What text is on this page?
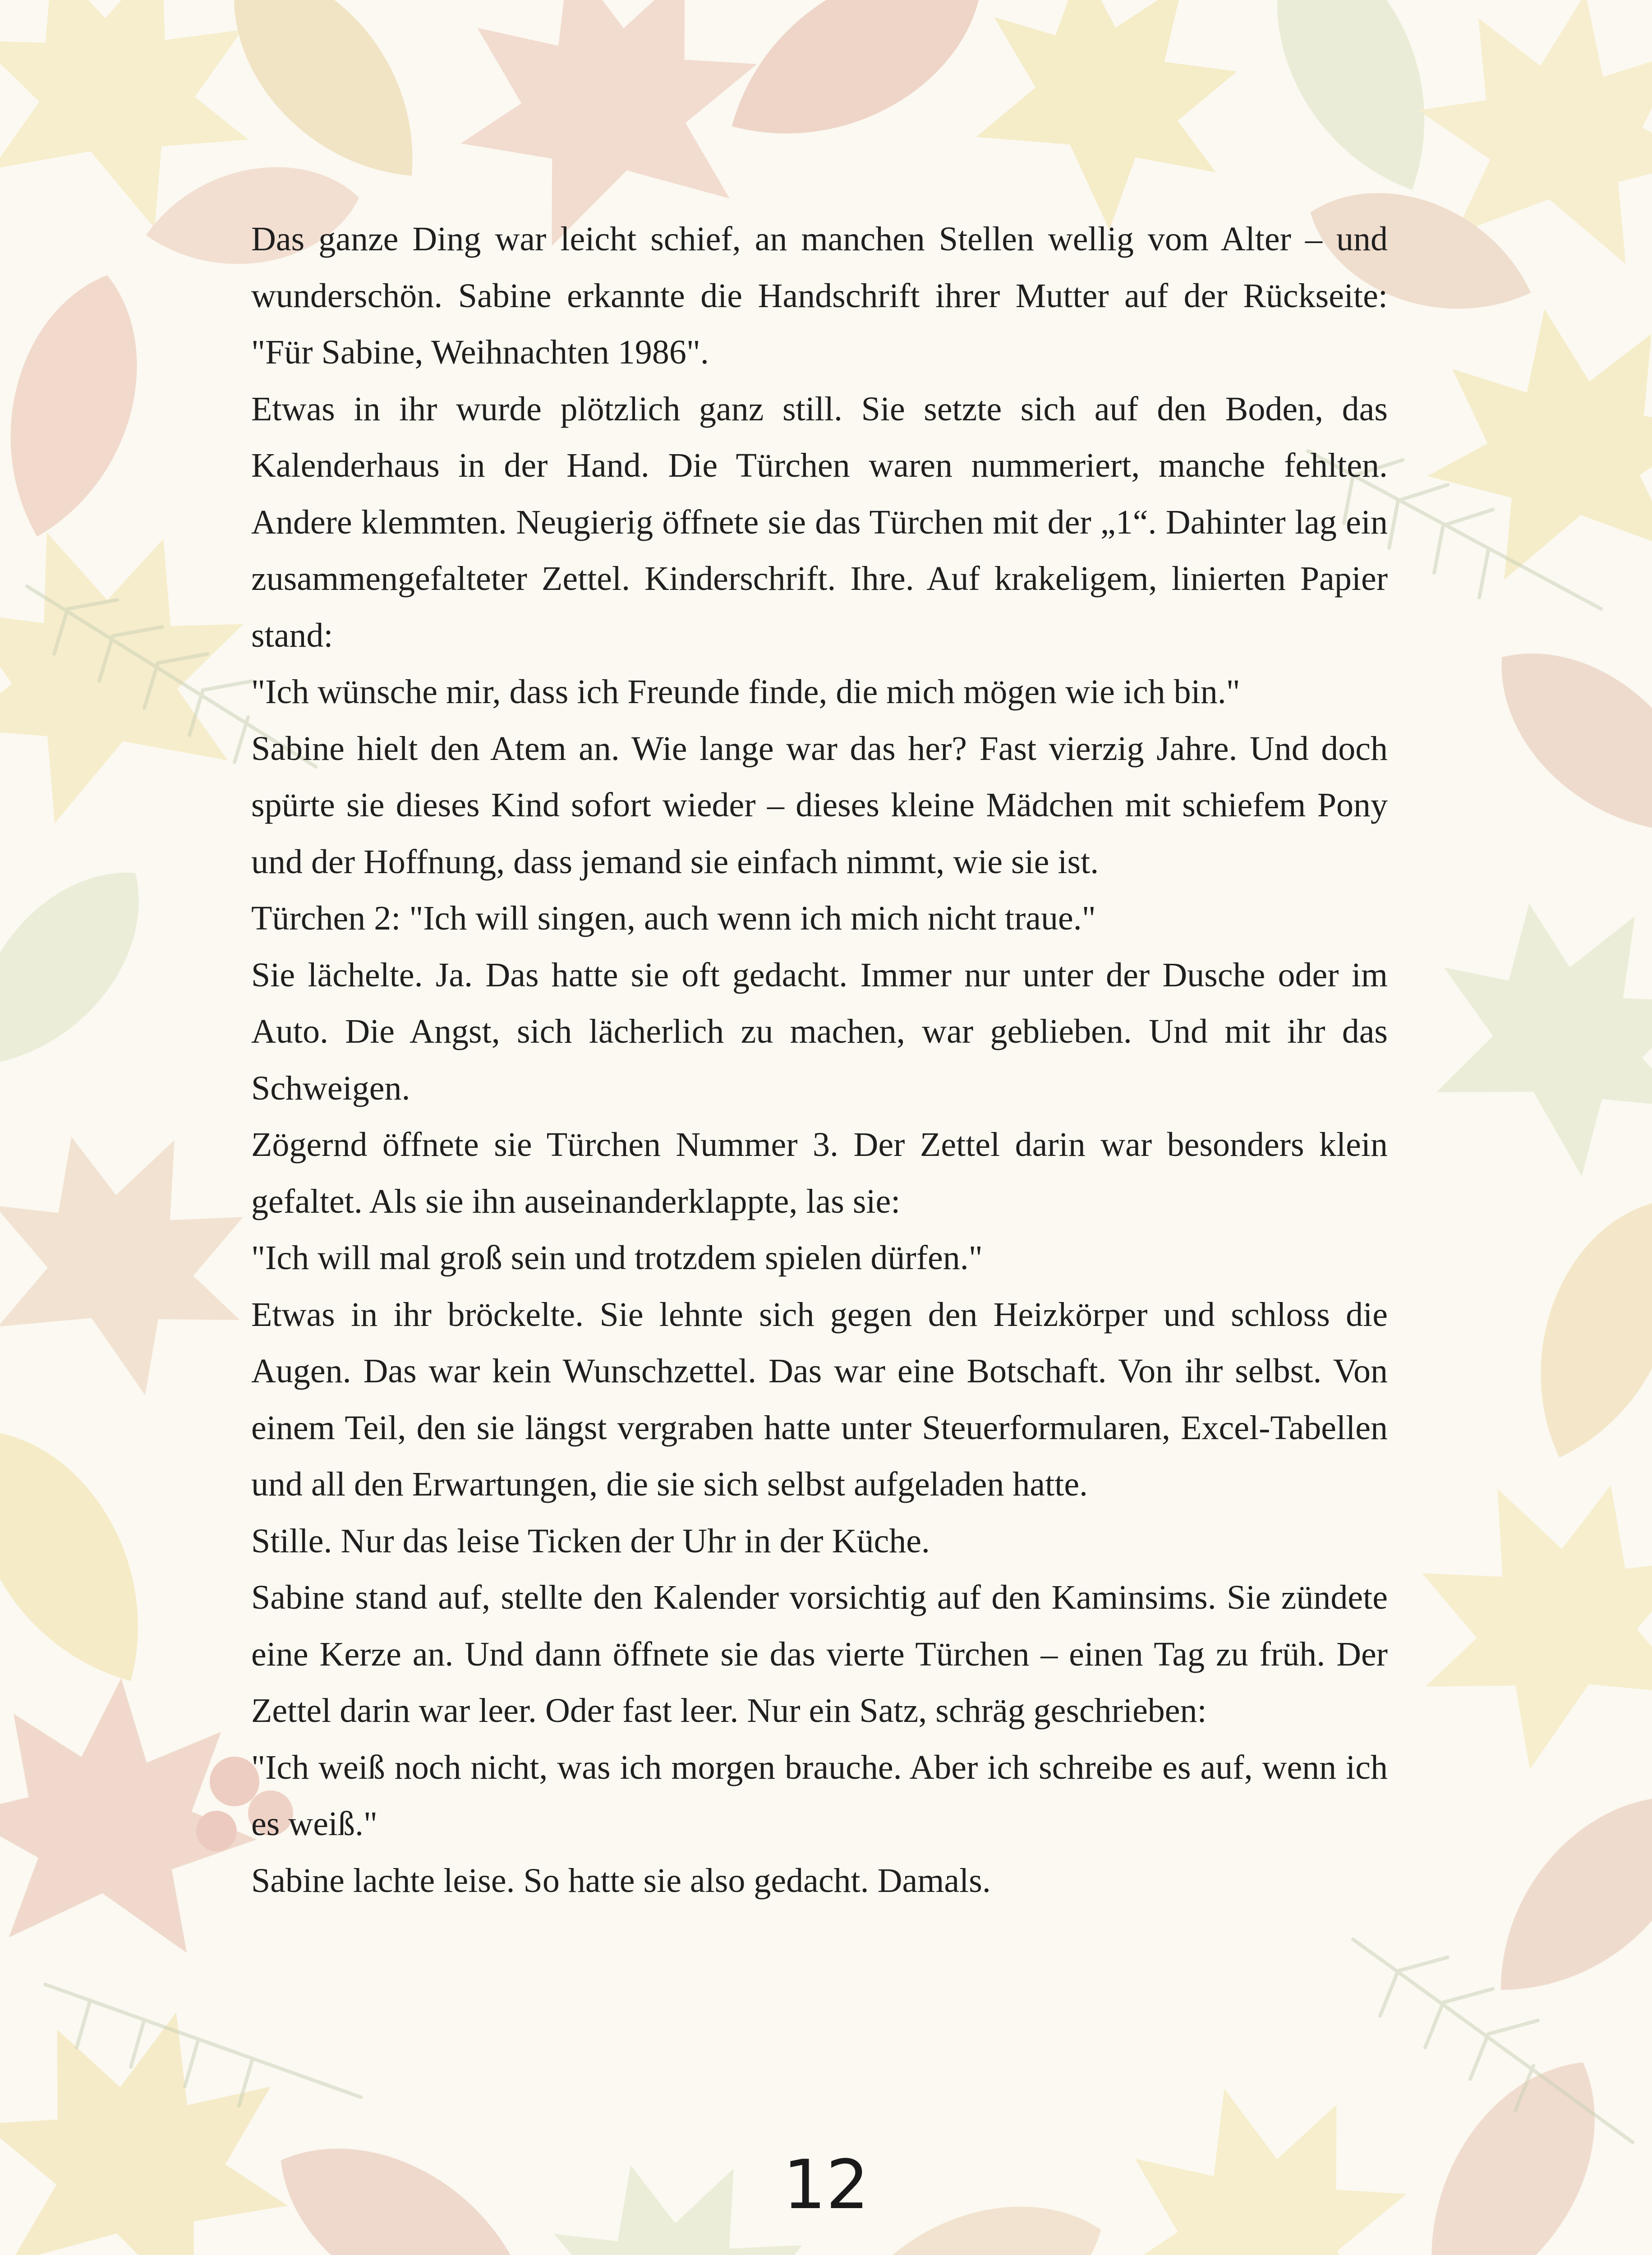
Das ganze Ding war leicht schief, an manchen Stellen wellig vom Alter – und wunderschön. Sabine erkannte die Handschrift ihrer Mutter auf der Rückseite: "Für Sabine, Weihnachten 1986".

Etwas in ihr wurde plötzlich ganz still. Sie setzte sich auf den Boden, das Kalenderhaus in der Hand. Die Türchen waren nummeriert, manche fehlten. Andere klemmten. Neugierig öffnete sie das Türchen mit der „1“. Dahinter lag ein zusammengefalteter Zettel. Kinderschrift. Ihre. Auf krakeligem, linierten Papier stand:

"Ich wünsche mir, dass ich Freunde finde, die mich mögen wie ich bin."

Sabine hielt den Atem an. Wie lange war das her? Fast vierzig Jahre. Und doch spürte sie dieses Kind sofort wieder – dieses kleine Mädchen mit schiefem Pony und der Hoffnung, dass jemand sie einfach nimmt, wie sie ist.

Türchen 2: "Ich will singen, auch wenn ich mich nicht traue."

Sie lächelte. Ja. Das hatte sie oft gedacht. Immer nur unter der Dusche oder im Auto. Die Angst, sich lächerlich zu machen, war geblieben. Und mit ihr das Schweigen.

Zögernd öffnete sie Türchen Nummer 3. Der Zettel darin war besonders klein gefaltet. Als sie ihn auseinanderklappte, las sie:

"Ich will mal groß sein und trotzdem spielen dürfen."

Etwas in ihr bröckelte. Sie lehnte sich gegen den Heizkörper und schloss die Augen. Das war kein Wunschzettel. Das war eine Botschaft. Von ihr selbst. Von einem Teil, den sie längst vergraben hatte unter Steuerformularen, Excel-Tabellen und all den Erwartungen, die sie sich selbst aufgeladen hatte.

Stille. Nur das leise Ticken der Uhr in der Küche.

Sabine stand auf, stellte den Kalender vorsichtig auf den Kaminsims. Sie zündete eine Kerze an. Und dann öffnete sie das vierte Türchen – einen Tag zu früh. Der Zettel darin war leer. Oder fast leer. Nur ein Satz, schräg geschrieben:

"Ich weiß noch nicht, was ich morgen brauche. Aber ich schreibe es auf, wenn ich es weiß."

Sabine lachte leise. So hatte sie also gedacht. Damals.

12
